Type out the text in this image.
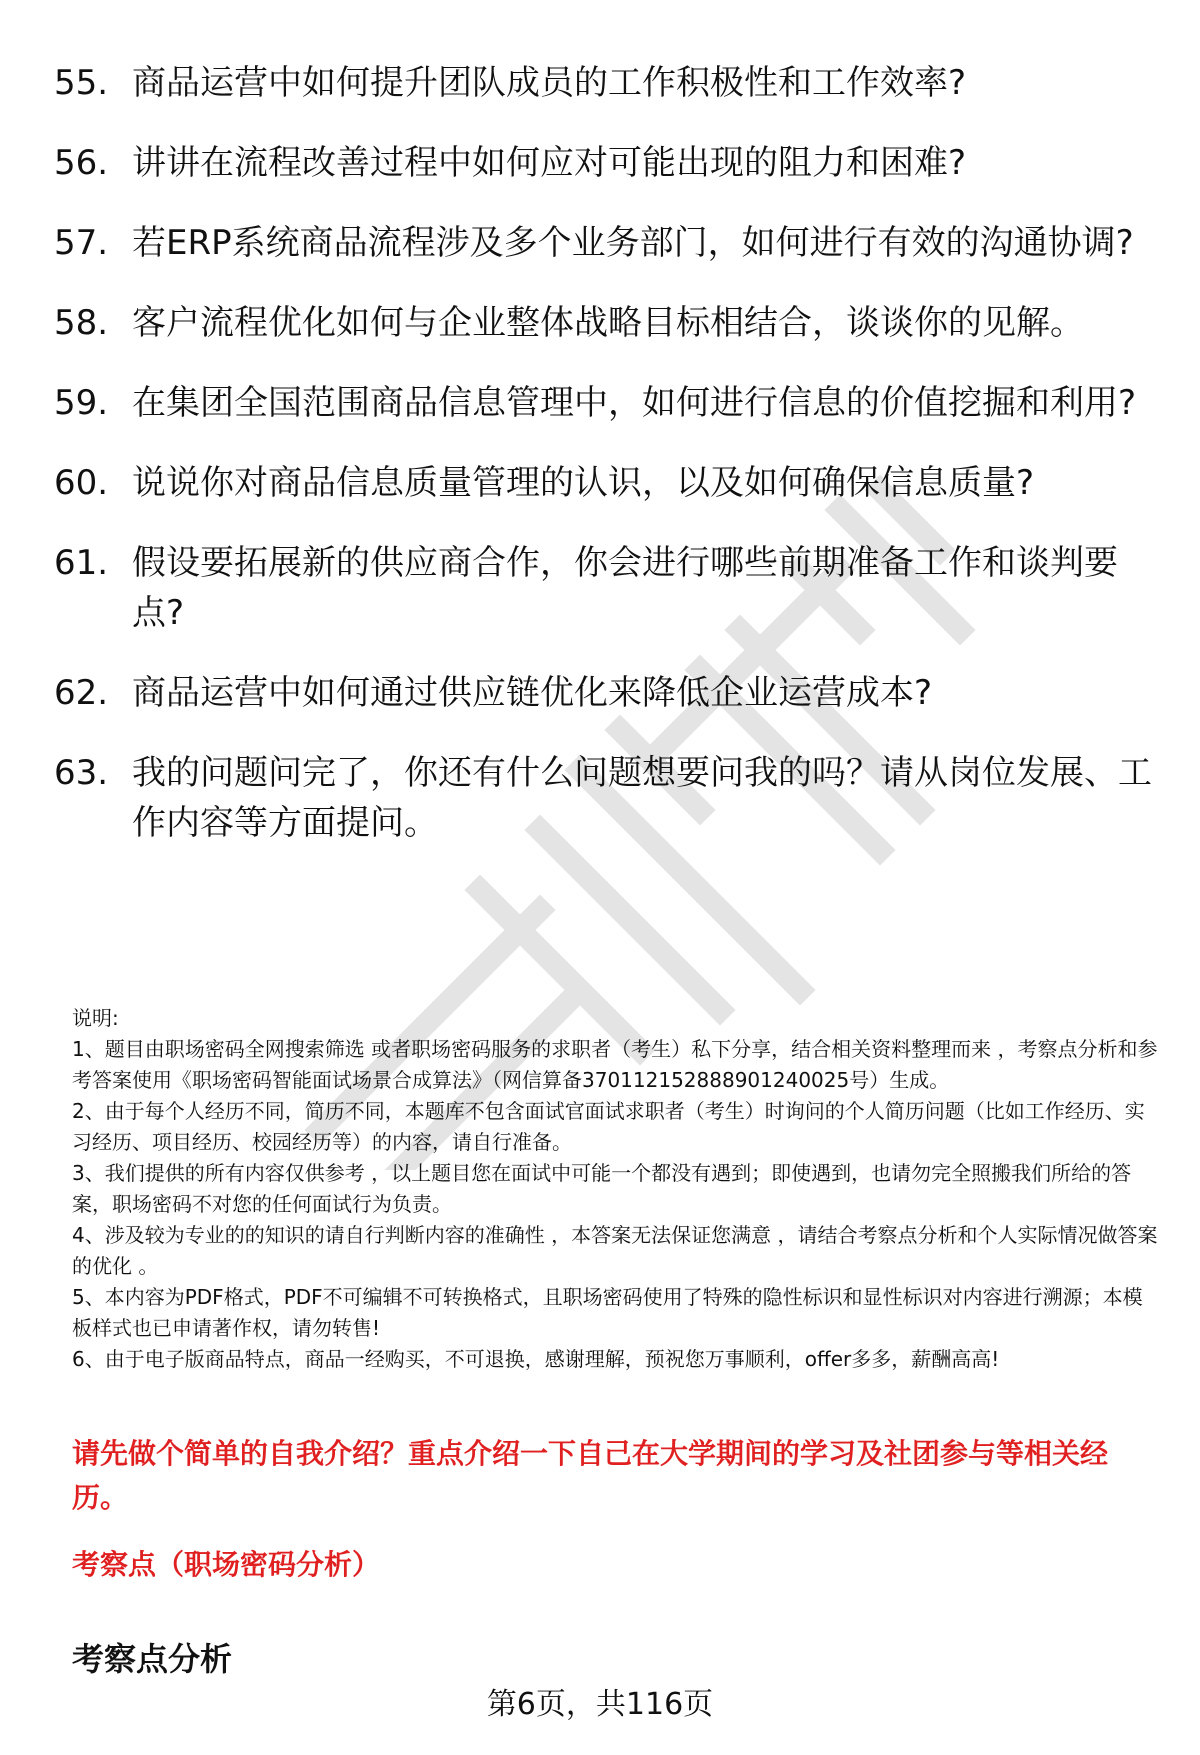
55. 商品运营中如何提升团队成员的工作积极性和工作效率?
56. 讲讲在流程改善过程中如何应对可能出现的阻力和困难?
57. 若ERP系统商品流程涉及多个业务部门，如何进行有效的沟通协调?
58. 客户流程优化如何与企业整体战略目标相结合，谈谈你的见解。
59. 在集团全国范围商品信息管理中，如何进行信息的价值挖掘和利用?
60. 说说你对商品信息质量管理的认识，以及如何确保信息质量?
61. 假设要拓展新的供应商合作，你会进行哪些前期准备工作和谈判要点?
62. 商品运营中如何通过供应链优化来降低企业运营成本?
63. 我的问题问完了，你还有什么问题想要问我的吗？请从岗位发展、工作内容等方面提问。

说明:

1、题目由职场密码全网搜索筛选 或者职场密码服务的求职者（考生）私下分享，结合相关资料整理而来 ，考察点分析和参考答案使用《职场密码智能面试场景合成算法》（网信算备370112152888901240025号）生成。

2、由于每个人经历不同，简历不同，本题库不包含面试官面试求职者（考生）时询问的个人简历问题（比如工作经历、实习经历、项目经历、校园经历等）的内容，请自行准备。

3、我们提供的所有内容仅供参考 ，以上题目您在面试中可能一个都没有遇到；即使遇到，也请勿完全照搬我们所给的答案，职场密码不对您的任何面试行为负责。

4、涉及较为专业的的知识的请自行判断内容的准确性 ，本答案无法保证您满意 ，请结合考察点分析和个人实际情况做答案的优化 。

5、本内容为PDF格式，PDF不可编辑不可转换格式，且职场密码使用了特殊的隐性标识和显性标识对内容进行溯源；本模板样式也已申请著作权，请勿转售!

6、由于电子版商品特点，商品一经购买，不可退换，感谢理解，预祝您万事顺利，offer多多，薪酬高高!

请先做个简单的自我介绍？重点介绍一下自己在大学期间的学习及社团参与等相关经历。
考察点（职场密码分析）
考察点分析
第6页，共116页
